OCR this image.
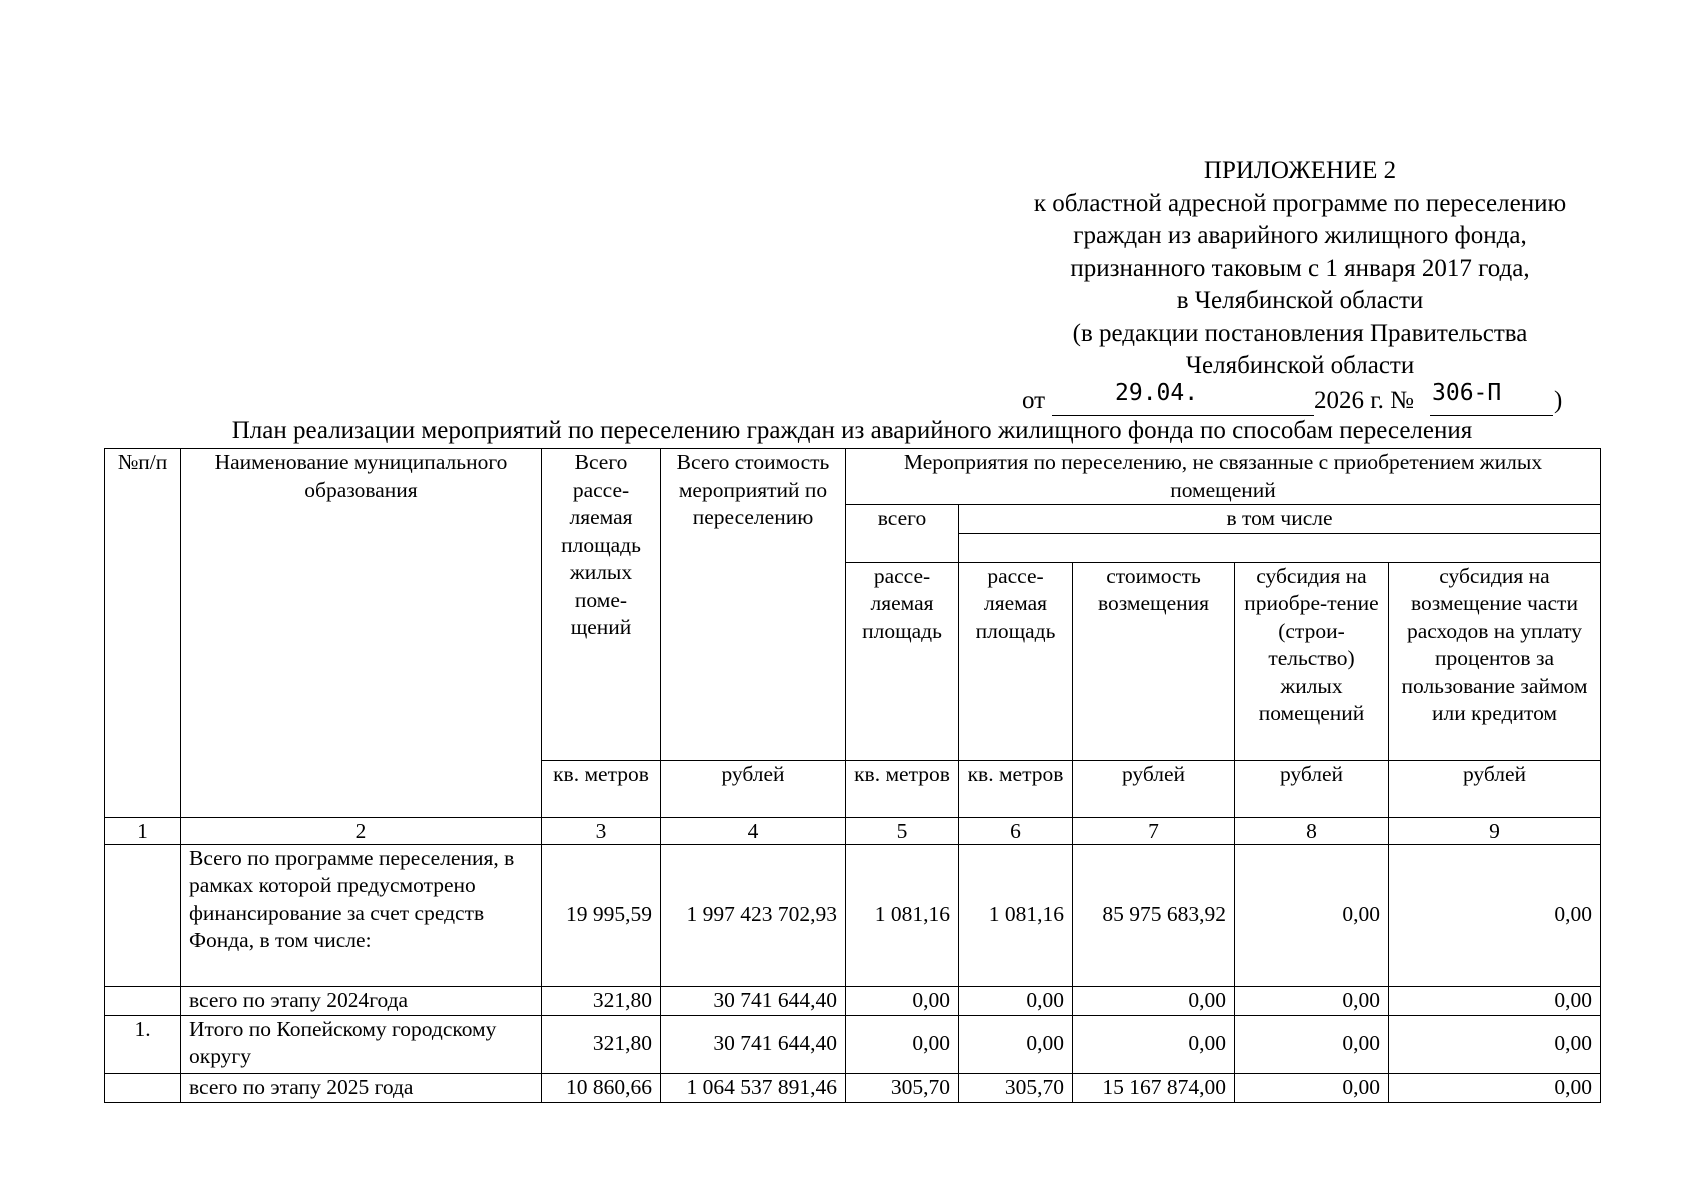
ПРИЛОЖЕНИЕ 2
к областной адресной программе по переселению
граждан из аварийного жилищного фонда,
признанного таковым с 1 января 2017 года,
в Челябинской области
(в редакции постановления Правительства
Челябинской области
от	29.04.	2026 г. № 306-П )
План реализации мероприятий по переселению граждан из аварийного жилищного фонда по способам переселения
№п/п	Наименование муниципального образования	Всего рассе-ляемая площадь жилых поме-щений	Всего стоимость мероприятий по переселению	Мероприятия по переселению, не связанные с приобретением жилых помещений				
				всего	в том числе			

				рассе-ляемая площадь	рассе-ляемая площадь	стоимость возмещения	субсидия на приобре-тение (строи-тельство) жилых помещений	субсидия на возмещение части расходов на уплату процентов за пользование займом или кредитом
		кв. метров	рублей	кв. метров	кв. метров	рублей	рублей	рублей

1	2	3	4	5	6	7	8	9
	Всего по программе переселения, в рамках которой предусмотрено финансирование за счет средств Фонда, в том числе:	19 995,59	1 997 423 702,93	1 081,16	1 081,16	85 975 683,92	0,00	0,00
	всего по этапу 2024года	321,80	30 741 644,40	0,00	0,00	0,00	0,00	0,00
1.	Итого по Копейскому городскому округу	321,80	30 741 644,40	0,00	0,00	0,00	0,00	0,00
	всего по этапу 2025 года	10 860,66	1 064 537 891,46	305,70	305,70	15 167 874,00	0,00	0,00
